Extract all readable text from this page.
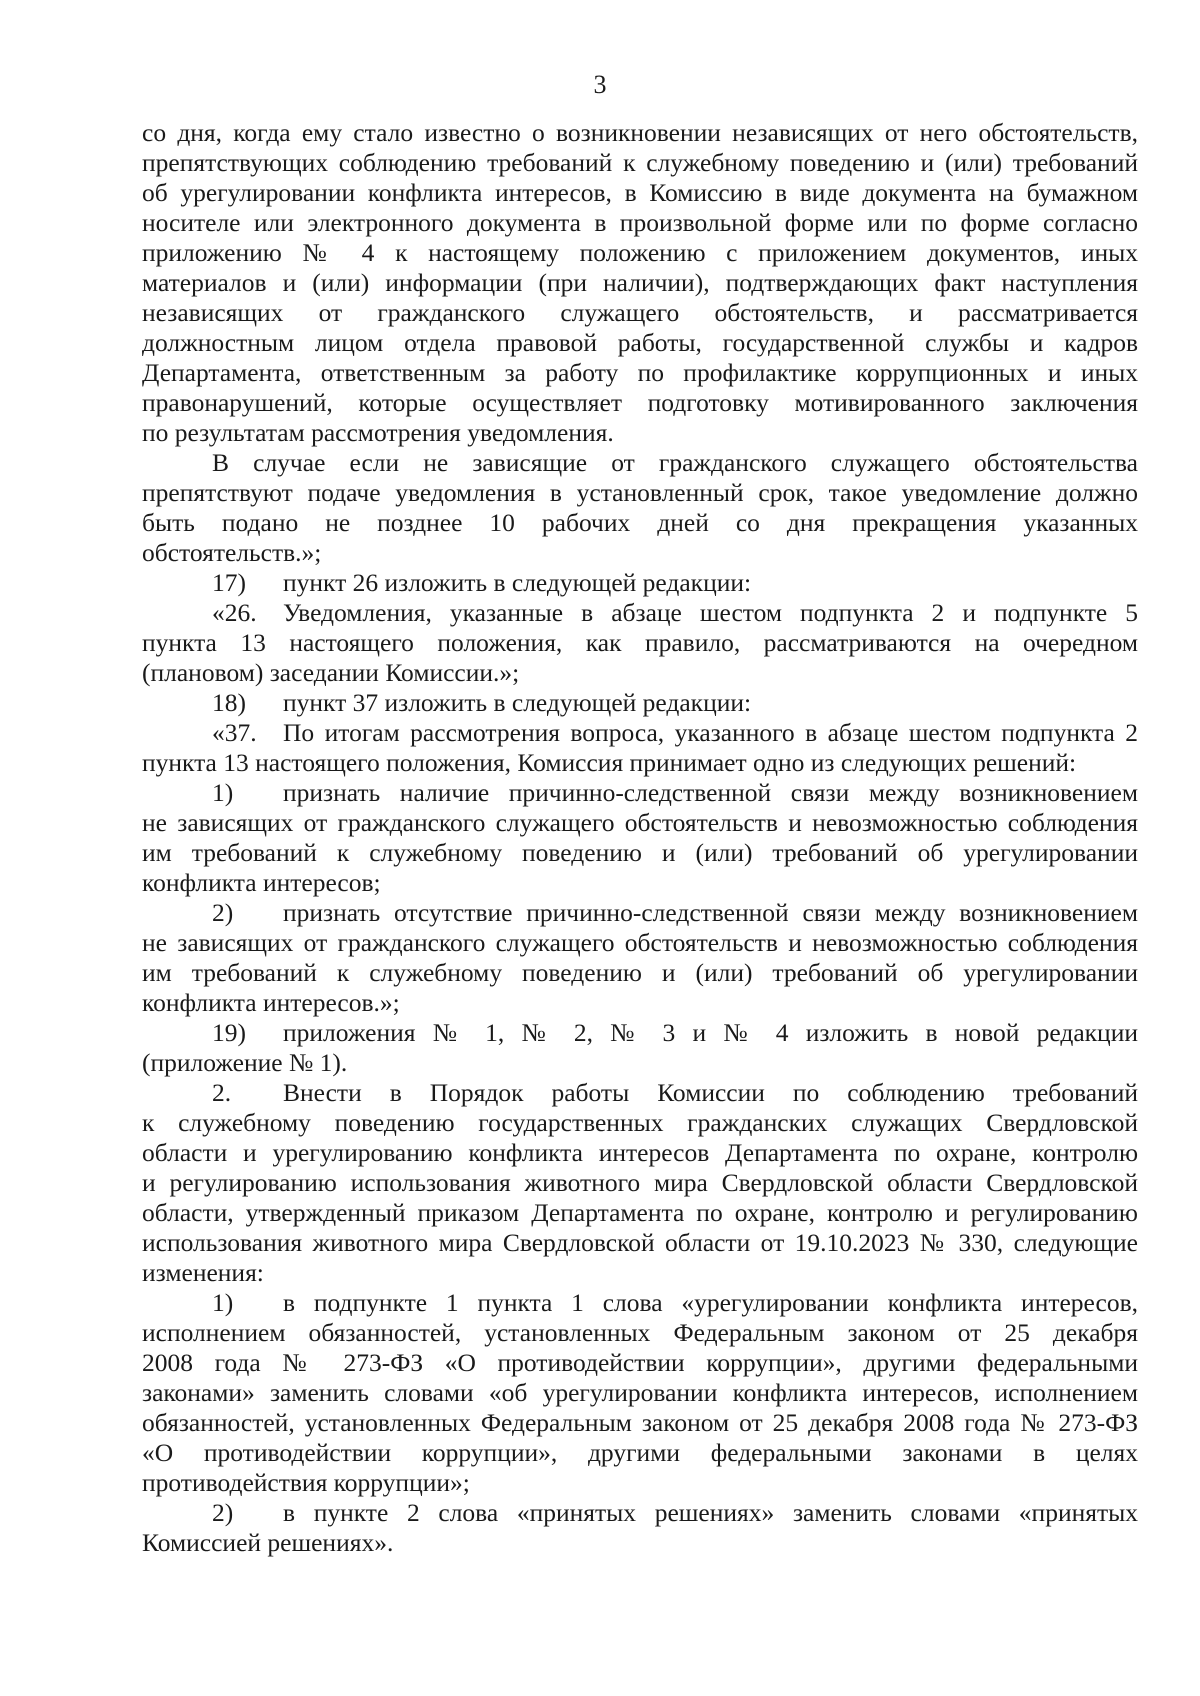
3
со дня, когда ему стало известно о возникновении независящих от него обстоятельств,
препятствующих соблюдению требований к служебному поведению и (или) требований
об урегулировании конфликта интересов, в Комиссию в виде документа на бумажном
носителе или электронного документа в произвольной форме или по форме согласно
приложению № 4 к настоящему положению с приложением документов, иных
материалов и (или) информации (при наличии), подтверждающих факт наступления
независящих от гражданского служащего обстоятельств, и рассматривается
должностным лицом отдела правовой работы, государственной службы и кадров
Департамента, ответственным за работу по профилактике коррупционных и иных
правонарушений, которые осуществляет подготовку мотивированного заключения
по результатам рассмотрения уведомления.
В случае если не зависящие от гражданского служащего обстоятельства
препятствуют подаче уведомления в установленный срок, такое уведомление должно
быть подано не позднее 10 рабочих дней со дня прекращения указанных
обстоятельств.»;
17)	пункт 26 изложить в следующей редакции:
«26.	Уведомления, указанные в абзаце шестом подпункта 2 и подпункте 5
пункта 13 настоящего положения, как правило, рассматриваются на очередном
(плановом) заседании Комиссии.»;
18)	пункт 37 изложить в следующей редакции:
«37.	По итогам рассмотрения вопроса, указанного в абзаце шестом подпункта 2
пункта 13 настоящего положения, Комиссия принимает одно из следующих решений:
1)	признать наличие причинно-следственной связи между возникновением
не зависящих от гражданского служащего обстоятельств и невозможностью соблюдения
им требований к служебному поведению и (или) требований об урегулировании
конфликта интересов;
2)	признать отсутствие причинно-следственной связи между возникновением
не зависящих от гражданского служащего обстоятельств и невозможностью соблюдения
им требований к служебному поведению и (или) требований об урегулировании
конфликта интересов.»;
19)	приложения № 1, № 2, № 3 и № 4 изложить в новой редакции
(приложение № 1).
2.	Внести в Порядок работы Комиссии по соблюдению требований
к служебному поведению государственных гражданских служащих Свердловской
области и урегулированию конфликта интересов Департамента по охране, контролю
и регулированию использования животного мира Свердловской области Свердловской
области, утвержденный приказом Департамента по охране, контролю и регулированию
использования животного мира Свердловской области от 19.10.2023 № 330, следующие
изменения:
1)	в подпункте 1 пункта 1 слова «урегулировании конфликта интересов,
исполнением обязанностей, установленных Федеральным законом от 25 декабря
2008 года № 273-ФЗ «О противодействии коррупции», другими федеральными
законами» заменить словами «об урегулировании конфликта интересов, исполнением
обязанностей, установленных Федеральным законом от 25 декабря 2008 года № 273-ФЗ
«О противодействии коррупции», другими федеральными законами в целях
противодействия коррупции»;
2)	в пункте 2 слова «принятых решениях» заменить словами «принятых
Комиссией решениях».
